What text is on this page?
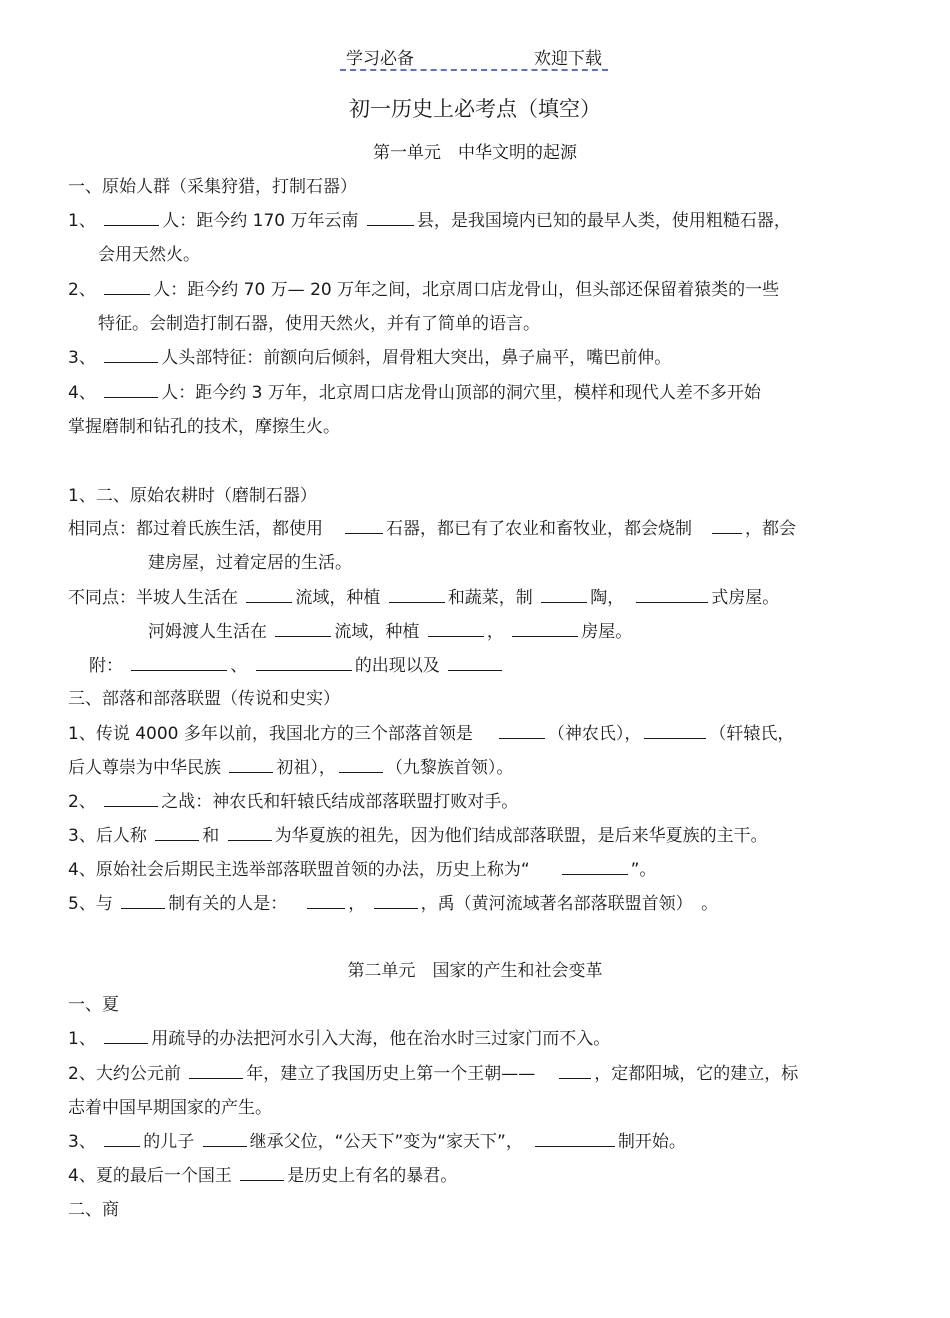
学习必备	欢迎下载
初一历史上必考点（填空）
第一单元　中华文明的起源
一、原始人群（采集狩猎，打制石器）
1、	人：距今约 170 万年云南	县，是我国境内已知的最早人类，使用粗糙石器，
会用天然火。
2、	人：距今约 70 万— 20 万年之间，北京周口店龙骨山，但头部还保留着猿类的一些
特征。会制造打制石器，使用天然火，并有了简单的语言。
3、	人头部特征：前额向后倾斜，眉骨粗大突出，鼻子扁平，嘴巴前伸。
4、	人：距今约 3 万年，北京周口店龙骨山顶部的洞穴里，模样和现代人差不多开始
掌握磨制和钻孔的技术，摩擦生火。
1、二、原始农耕时（磨制石器）
相同点：都过着氏族生活，都使用	石器，都已有了农业和畜牧业，都会烧制	，都会
建房屋，过着定居的生活。
不同点：半坡人生活在	流域，种植	和蔬菜，制	陶，	式房屋。
河姆渡人生活在	流域，种植	，	房屋。
附：	、	的出现以及
三、部落和部落联盟（传说和史实）
1、传说 4000 多年以前，我国北方的三个部落首领是	（神农氏），	（轩辕氏，
后人尊崇为中华民族	初祖），	（九黎族首领）。
2、	之战：神农氏和轩辕氏结成部落联盟打败对手。
3、后人称	和	为华夏族的祖先，因为他们结成部落联盟，是后来华夏族的主干。
4、原始社会后期民主选举部落联盟首领的办法，历史上称为“	”。
5、与	制有关的人是：	，	，禹（黄河流域著名部落联盟首领）　 。
第二单元　国家的产生和社会变革
一、夏
1、	用疏导的办法把河水引入大海，他在治水时三过家门而不入。
2、大约公元前	年，建立了我国历史上第一个王朝——	，定都阳城，它的建立，标
志着中国早期国家的产生。
3、	的儿子	继承父位，“公天下”变为“家天下”，	制开始。
4、夏的最后一个国王	是历史上有名的暴君。
二、商
